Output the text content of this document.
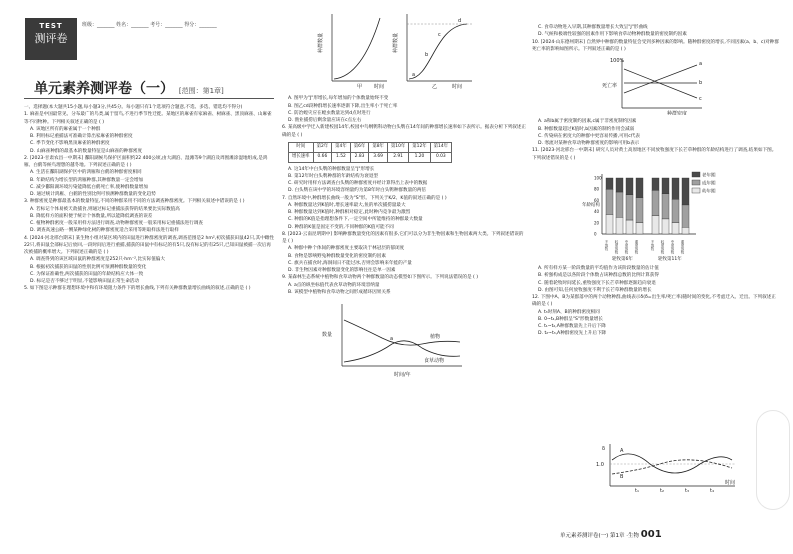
TEST
测评卷
班级：_______ 姓名：_______ 考号：_______ 得分：_______
单元素养测评卷（一） [范围：第1章]

一、选择题(本大题共15小题,每小题3分,共45分。每小题只有1个选项符合题意,不选、多选、错选均不得分)

1. 麻雀是中国最常见、分布最广的鸟类,属于留鸟,不进行季节性迁徙。某地区的麻雀有家麻雀、树麻雀、黑顶麻雀、山麻雀等不同物种。下列相关叙述正确的是 ( )

A. 该地区所有的麻雀属于一个种群

B. 利用标记重捕法可准确计算出家麻雀的种群密度

C. 季节变化不影响黑顶麻雀的种群密度

D. 山麻雀种群的最基本的数量特征是山麻雀的种群密度

2. [2023·甘肃农昌一中期末] 鄱阳湖候鸟保护区面积约22 400公顷,由大湖泊、湿滩等9个湖泊及周围滩涂湿地组成,是鸿雁、白鹤等候鸟理想的越冬地。下列叙述正确的是 ( )

A. 生活在鄱阳湖保护区中的鸿雁和白鹤的种群密度相同

B. 年龄结构为增长型的鸿雁种群,其种群数量一定会增加

C. 减少鄱阳湖环境污染能降低白鹤死亡率,使种群数量增加

D. 通过统计鸿雁、白鹤的性别比例可预测种群数量的变化趋势

3. 种群密度是种群最基本的数量特征,不同的种群采用不同的方法调查种群密度。下列相关叙述中错误的是 ( )

A. 若标记个体易被天敌捕食,则通过标记重捕法获得的结果要比实际数值高

B. 降低样方的面积便于统计个体数量,所以能降低调查的误差

C. 植物种群密度一般采用样方法进行调查,动物种群密度一般采用标记重捕法进行调查

D. 调查高速公路一侧某种绿化树的种群密度适合采用等距取样法进行取样

4. [2024·河北邢台期末] 某生物小组对某区域内的田鼠进行种群密度的调查,调查范围是2 hm²,初次捕获田鼠42只,其中雌性22只,将田鼠全部标记后放回,一段时间后进行重捕,捕获的田鼠中有标记的有5只,没有标记的有25只,已知田鼠被捕一次后再次被捕的概率增大。下列叙述正确的是 ( )

A. 调查得到的该区域田鼠的种群密度是252只·hm⁻²,比实际值偏大

B. 根据初次捕获的田鼠的性别比例可预测种群数量的变化

C. 为保证准确性,两次捕获的田鼠的年龄结构应大体一致

D. 标记是否不够过于明显,不能影响田鼠正常生命活动

5. 如下图是示种群在理想环境中和有环境阻力条件下的增长曲线,下列有关种群数量增长曲线的叙述,正确的是 ( )

种群数量
甲 时间
种群数量
乙	时间
a
b
c
d

A. 图甲为"J"形增长,每年增加的个体数量始终不变

B. 图乙cd段种群增长速率逐渐下降,出生率小于死亡率

C. 防治蝗灾应在蝗虫数量达到d点时进行

D. 渔业捕捞后剩余量应该在c点左右

6. 某高级中学迁入新建校园14年,校园中鸟纲鹎科动物白头鹎在14年间的种群增长速率如下表所示。据表分析下列叙述正确的是 ( )

时间	第2年	第4年	第6年	第8年	第10年	第12年	第14年
增长速率	0.66	1.52	2.83	3.69	2.91	1.20	0.03

A. 这14年中白头鹎的种群数量呈"J"形增长

B. 第12年时白头鹎种群的年龄结构为衰退型

C. 研究时用样方法调查白头鹎的种群密度并经计算得出上表中的数据

D. 白头鹎在该中学的环境容纳量约为第8年时白头鹎种群数量的两倍

7. 自然环境中,种群增长曲线一般为"S"形。下列关于K/2、K值的叙述正确的是 ( )

A. 种群数量达到K值时,增长速率最大,鱼的单次捕捞量最大

B. 种群数量达到K值时,种群相对稳定,此时种内竞争最为激烈

C. 种群的K值是指理想条件下,一定空间中所能维持的种群最大数量

D. 种群的K值是固定不变的,不同种群的K值可能不同

8. [2023·云南昆明期中] 影响种群数量变化的因素有很多,它们可以分为非生物因素和生物因素两大类。下列叙述错误的是 ( )

A. 种群中种个体间的种群密度主要取决于林冠层的郁闭度

B. 食物是影响野兔种群数量变化的密度制约因素

C. 旗兵在捕食时,海洞间日不能过冰,否则会影响来年蛙的产量

D. 非生物因素对种群数量变化的影响往往是单一因素

9. 某森林生态系统中植物和食草动物两个种群数量的动态模型如下图所示。下列说法错误的是 ( )

A. a点的纵坐标值代表食草动物的环境容纳量

B. 该模型中植物和食草动物之间形成循环因果关系

数量	植物
食草动物
a
时间/年

C. 食草动物进入早期,其种群数量增长大致呈"J"形曲线

D. 气候和极端性较强的因素作用下影响食草动物种群数量的密度制约因素

10. [2024·山东德州期末] 自然界中种群的数量特征会受到多种因素的影响。随种群密度的增长,不同因素(a、b、c)对种群死亡率的影响如图所示。下列叙述正确的是 ( )

100%
死亡率
a
b
c
种群密度

A. a和b属于密度制约因素,c属于非密度制约因素

B. 种群数量超过K值时,b因素的制约作用会减弱

C. 传染病在密度大的种群中更容易传播,可用c代表

D. 寒流对某种食草动物种群密度的影响可用b表示

11. [2023·河北邢台一中期末] 研究人员对黄土高原地区不同放牧强度下长芒草种群的年龄结构进行了调查,结果如下图。下列叙述错误的是 ( )

0
20
40
60
80
100
年龄结构
不放牧	轻度放牧	中度放牧	重度放牧	不放牧	轻度放牧	中度放牧	重度放牧
轮牧第6年	轮牧第11年
老年期
成年期
幼年期

A. 所有样方某一阶段数量的平均值作为该阶段数量的估计值

B. 析强构成是以各阶段个体数占该种群总数的比例计算获得

C. 随着轮牧时间延长,重牧强度下长芒草种群逐渐趋向衰退

D. 由图可知,任何放牧强度不利于长芒草种群数量的增长

12. 下图中A、B为某群落中的两个动物种群,曲线表示δ(δ=出生率/死亡率)随时间的变化,不考虑迁入、迁出。下列叙述正确的是 ( )

A. t₃时刻A、B的种群密度相同

B. 0~t₄,B种群呈"S"形数量增长

C. t₁~t₂,A种群数量先上升后下降

D. t₂~t₃,A种群密度先上升后下降

δ
1.0
A
B
t₁	t₂	t₃	t₄
时间
单元素养测评卷(一) 第1章 ·生物 001
